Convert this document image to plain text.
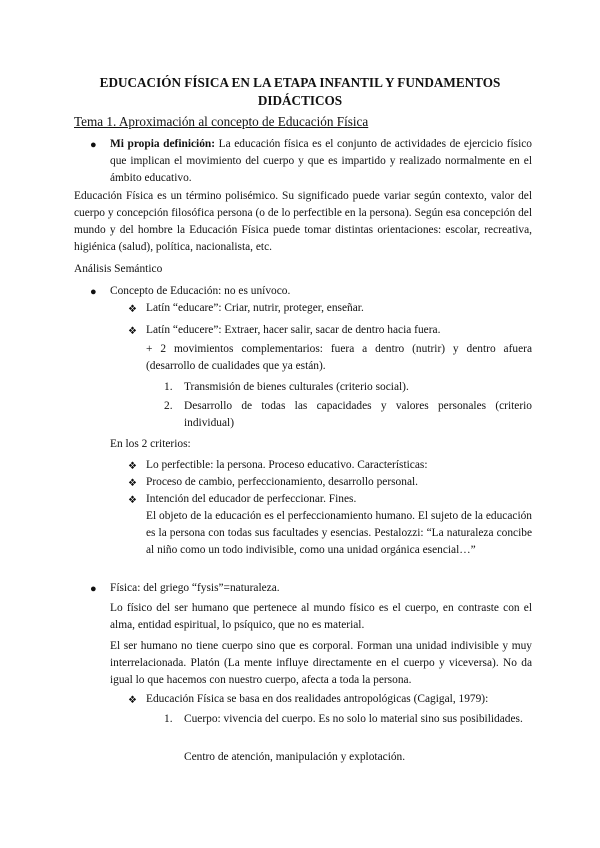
EDUCACIÓN FÍSICA EN LA ETAPA INFANTIL Y FUNDAMENTOS DIDÁCTICOS
Tema 1. Aproximación al concepto de Educación Física
● Mi propia definición: La educación física es el conjunto de actividades de ejercicio físico que implican el movimiento del cuerpo y que es impartido y realizado normalmente en el ámbito educativo.
Educación Física es un término polisémico. Su significado puede variar según contexto, valor del cuerpo y concepción filosófica persona (o de lo perfectible en la persona). Según esa concepción del mundo y del hombre la Educación Física puede tomar distintas orientaciones: escolar, recreativa, higiénica (salud), política, nacionalista, etc.
Análisis Semántico
● Concepto de Educación: no es unívoco.
❖ Latín “educare”: Criar, nutrir, proteger, enseñar.
❖ Latín “educere”: Extraer, hacer salir, sacar de dentro hacia fuera.
+ 2 movimientos complementarios: fuera a dentro (nutrir) y dentro afuera (desarrollo de cualidades que ya están).
1. Transmisión de bienes culturales (criterio social).
2. Desarrollo de todas las capacidades y valores personales (criterio individual)
En los 2 criterios:
❖ Lo perfectible: la persona. Proceso educativo. Características:
❖ Proceso de cambio, perfeccionamiento, desarrollo personal.
❖ Intención del educador de perfeccionar. Fines.
El objeto de la educación es el perfeccionamiento humano. El sujeto de la educación es la persona con todas sus facultades y esencias. Pestalozzi: “La naturaleza concibe al niño como un todo indivisible, como una unidad orgánica esencial…”
● Física: del griego “fysis”=naturaleza.
Lo físico del ser humano que pertenece al mundo físico es el cuerpo, en contraste con el alma, entidad espiritual, lo psíquico, que no es material.
El ser humano no tiene cuerpo sino que es corporal. Forman una unidad indivisible y muy interrelacionada. Platón (La mente influye directamente en el cuerpo y viceversa). No da igual lo que hacemos con nuestro cuerpo, afecta a toda la persona.
❖ Educación Física se basa en dos realidades antropológicas (Cagigal, 1979):
1. Cuerpo: vivencia del cuerpo. Es no solo lo material sino sus posibilidades.
Centro de atención, manipulación y explotación.
